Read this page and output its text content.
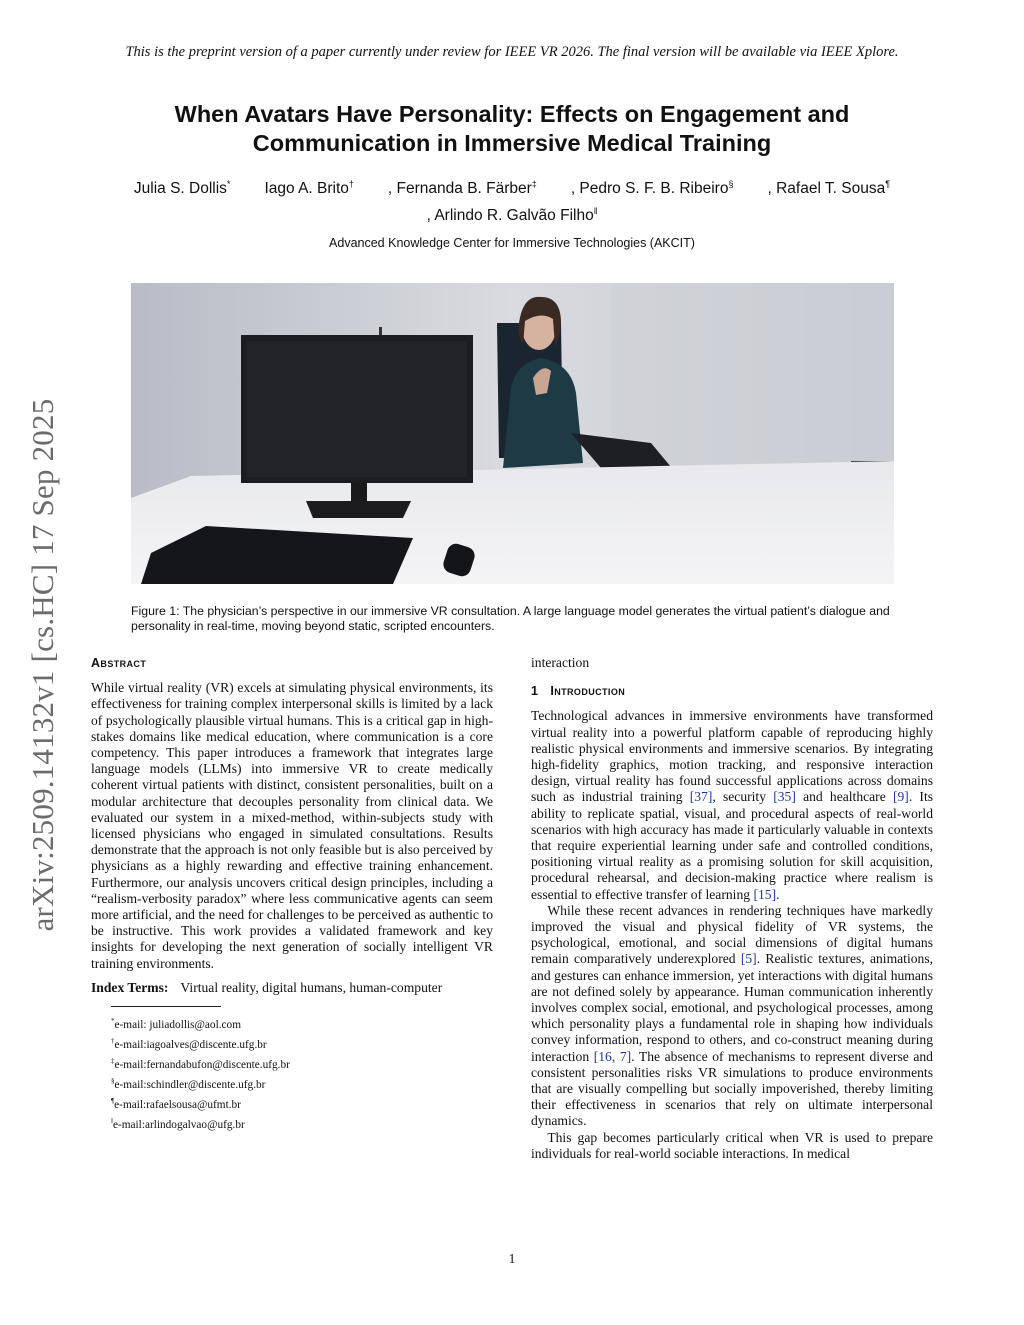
This is the preprint version of a paper currently under review for IEEE VR 2026. The final version will be available via IEEE Xplore.
When Avatars Have Personality: Effects on Engagement and
Communication in Immersive Medical Training
Julia S. Dollis* Iago A. Brito† , Fernanda B. Färber‡ , Pedro S. F. B. Ribeiro§ , Rafael T. Sousa¶
, Arlindo R. Galvão Filho‖
Advanced Knowledge Center for Immersive Technologies (AKCIT)
Figure 1: The physician’s perspective in our immersive VR consultation. A large language model generates the virtual patient’s dialogue and personality in real-time, moving beyond static, scripted encounters.
Abstract

While virtual reality (VR) excels at simulating physical environments, its effectiveness for training complex interpersonal skills is limited by a lack of psychologically plausible virtual humans. This is a critical gap in high-stakes domains like medical education, where communication is a core competency. This paper introduces a framework that integrates large language models (LLMs) into immersive VR to create medically coherent virtual patients with distinct, consistent personalities, built on a modular architecture that decouples personality from clinical data. We evaluated our system in a mixed-method, within-subjects study with licensed physicians who engaged in simulated consultations. Results demonstrate that the approach is not only feasible but is also perceived by physicians as a highly rewarding and effective training enhancement. Furthermore, our analysis uncovers critical design principles, including a “realism-verbosity paradox” where less communicative agents can seem more artificial, and the need for challenges to be perceived as authentic to be instructive. This work provides a validated framework and key insights for developing the next generation of socially intelligent VR training environments.

Index Terms: Virtual reality, digital humans, human-computer

*e-mail: juliadollis@aol.com
†e-mail:iagoalves@discente.ufg.br
‡e-mail:fernandabufon@discente.ufg.br
§e-mail:schindler@discente.ufg.br
¶e-mail:rafaelsousa@ufmt.br
‖e-mail:arlindogalvao@ufg.br

interaction

1 Introduction

Technological advances in immersive environments have transformed virtual reality into a powerful platform capable of reproducing highly realistic physical environments and immersive scenarios. By integrating high-fidelity graphics, motion tracking, and responsive interaction design, virtual reality has found successful applications across domains such as industrial training [37], security [35] and healthcare [9]. Its ability to replicate spatial, visual, and procedural aspects of real-world scenarios with high accuracy has made it particularly valuable in contexts that require experiential learning under safe and controlled conditions, positioning virtual reality as a promising solution for skill acquisition, procedural rehearsal, and decision-making practice where realism is essential to effective transfer of learning [15].

While these recent advances in rendering techniques have markedly improved the visual and physical fidelity of VR systems, the psychological, emotional, and social dimensions of digital humans remain comparatively underexplored [5]. Realistic textures, animations, and gestures can enhance immersion, yet interactions with digital humans are not defined solely by appearance. Human communication inherently involves complex social, emotional, and psychological processes, among which personality plays a fundamental role in shaping how individuals convey information, respond to others, and co-construct meaning during interaction [16, 7]. The absence of mechanisms to represent diverse and consistent personalities risks VR simulations to produce environments that are visually compelling but socially impoverished, thereby limiting their effectiveness in scenarios that rely on ultimate interpersonal dynamics.

This gap becomes particularly critical when VR is used to prepare individuals for real-world sociable interactions. In medical

arXiv:2509.14132v1 [cs.HC] 17 Sep 2025
1
